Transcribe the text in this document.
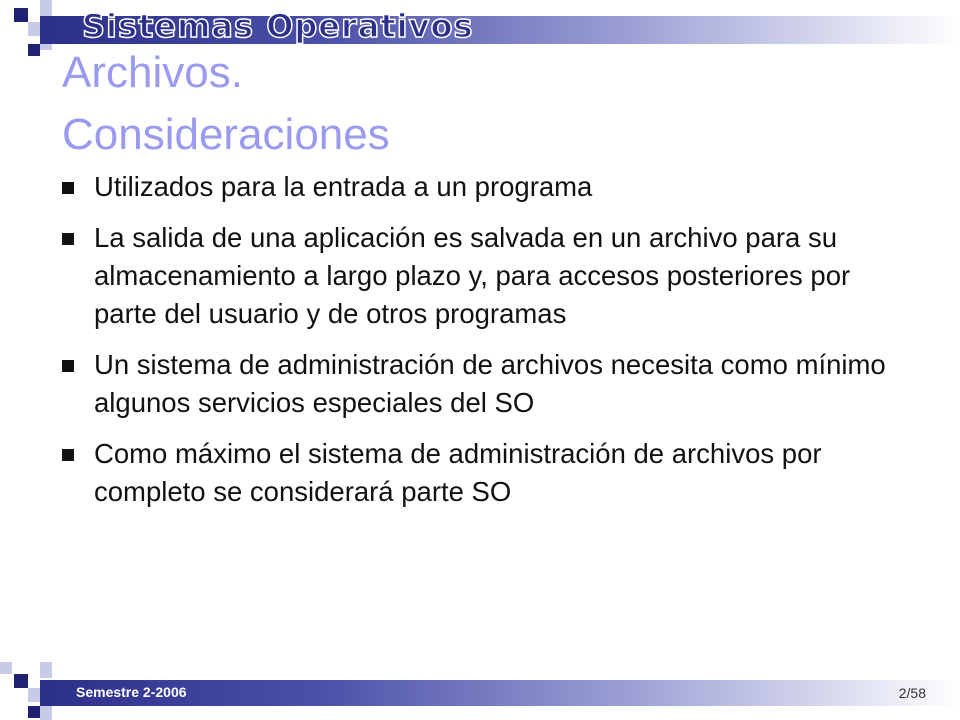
Sistemas Operativos
Archivos.
Consideraciones
Utilizados para la entrada a un programa
La salida de una aplicación es salvada en un archivo para su almacenamiento a largo plazo y, para accesos posteriores por parte del usuario y de otros programas
Un sistema de administración de archivos necesita como mínimo algunos servicios especiales del SO
Como máximo el sistema de administración de archivos por completo se considerará parte SO
Semestre 2-2006	2/58
